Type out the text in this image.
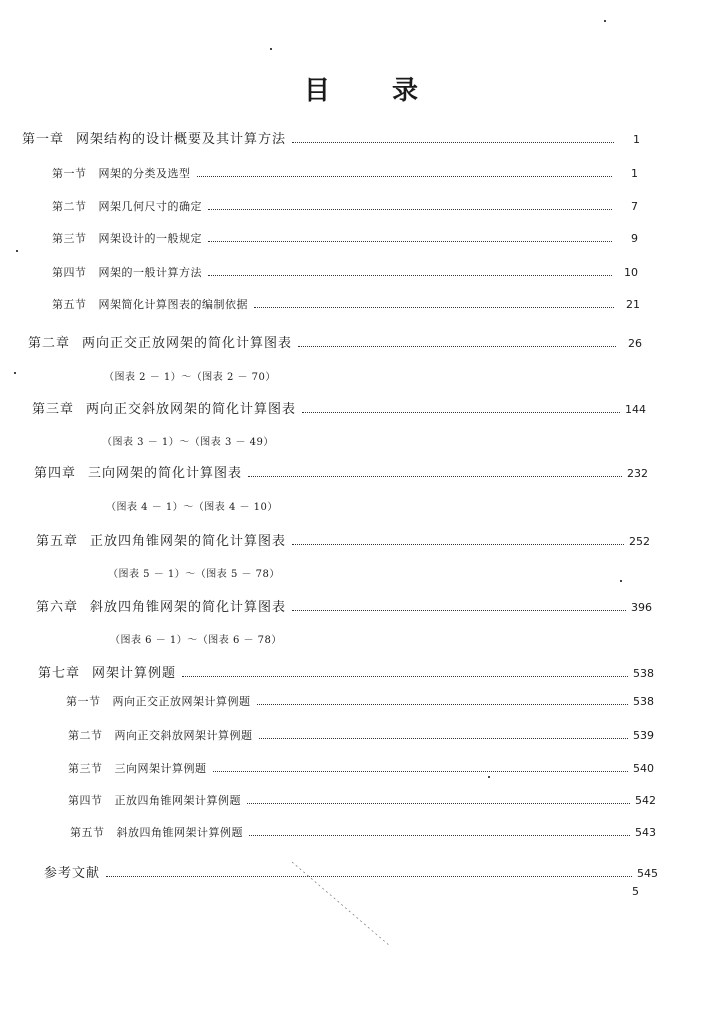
目 录
第一章 网架结构的设计概要及其计算方法	1
第一节 网架的分类及选型	1
第二节 网架几何尺寸的确定	7
第三节 网架设计的一般规定	9
第四节 网架的一般计算方法	10
第五节 网架简化计算图表的编制依据	21
第二章 两向正交正放网架的简化计算图表	26
（图表 2 － 1）～（图表 2 － 70）
第三章 两向正交斜放网架的简化计算图表	144
（图表 3 － 1）～（图表 3 － 49）
第四章 三向网架的简化计算图表	232
（图表 4 － 1）～（图表 4 － 10）
第五章 正放四角锥网架的简化计算图表	252
（图表 5 － 1）～（图表 5 － 78）
第六章 斜放四角锥网架的简化计算图表	396
（图表 6 － 1）～（图表 6 － 78）
第七章 网架计算例题	538
第一节 两向正交正放网架计算例题	538
第二节 两向正交斜放网架计算例题	539
第三节 三向网架计算例题	540
第四节 正放四角锥网架计算例题	542
第五节 斜放四角锥网架计算例题	543
参考文献	545
5
